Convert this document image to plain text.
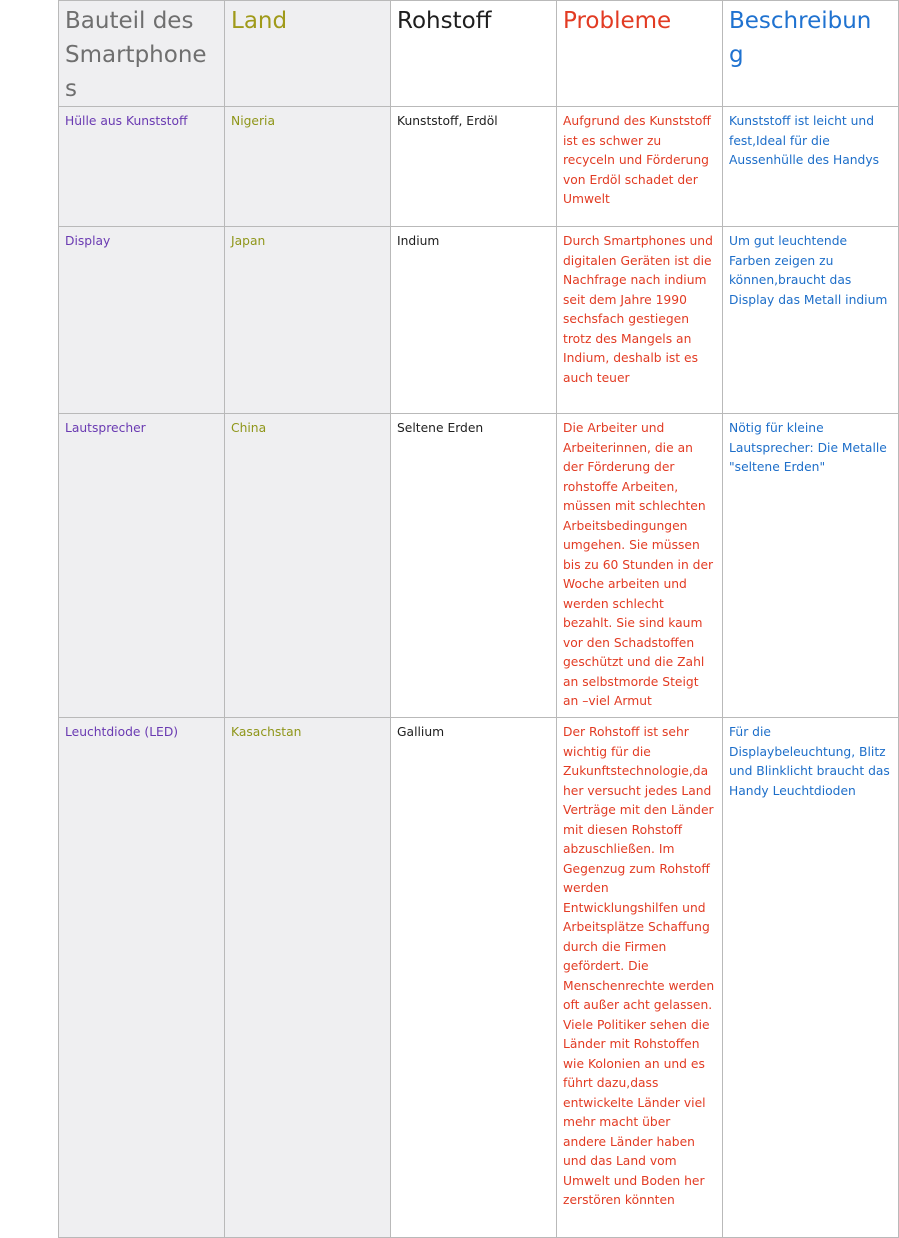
Bauteil des Smartphones	Land	Rohstoff	Probleme	Beschreibun g
Hülle aus Kunststoff	Nigeria	Kunststoff, Erdöl	Aufgrund des Kunststoff ist es schwer zu recyceln und Förderung von Erdöl schadet der Umwelt	Kunststoff ist leicht und fest,Ideal für die Aussenhülle des Handys
Display	Japan	Indium	Durch Smartphones und digitalen Geräten ist die Nachfrage nach indium seit dem Jahre 1990 sechsfach gestiegen trotz des Mangels an Indium, deshalb ist es auch teuer	Um gut leuchtende Farben zeigen zu können,braucht das Display das Metall indium
Lautsprecher	China	Seltene Erden	Die Arbeiter und Arbeiterinnen, die an der Förderung der rohstoffe Arbeiten, müssen mit schlechten Arbeitsbedingungen umgehen. Sie müssen bis zu 60 Stunden in der Woche arbeiten und werden schlecht bezahlt. Sie sind kaum vor den Schadstoffen geschützt und die Zahl an selbstmorde Steigt an –viel Armut	Nötig für kleine Lautsprecher: Die Metalle "seltene Erden"
Leuchtdiode (LED)	Kasachstan	Gallium	Der Rohstoff ist sehr wichtig für die Zukunftstechnologie,da her versucht jedes Land Verträge mit den Länder mit diesen Rohstoff abzuschließen. Im Gegenzug zum Rohstoff werden Entwicklungshilfen und Arbeitsplätze Schaffung durch die Firmen gefördert. Die Menschenrechte werden oft außer acht gelassen. Viele Politiker sehen die Länder mit Rohstoffen wie Kolonien an und es führt dazu,dass entwickelte Länder viel mehr macht über andere Länder haben und das Land vom Umwelt und Boden her zerstören könnten	Für die Displaybeleuchtung, Blitz und Blinklicht braucht das Handy Leuchtdioden
